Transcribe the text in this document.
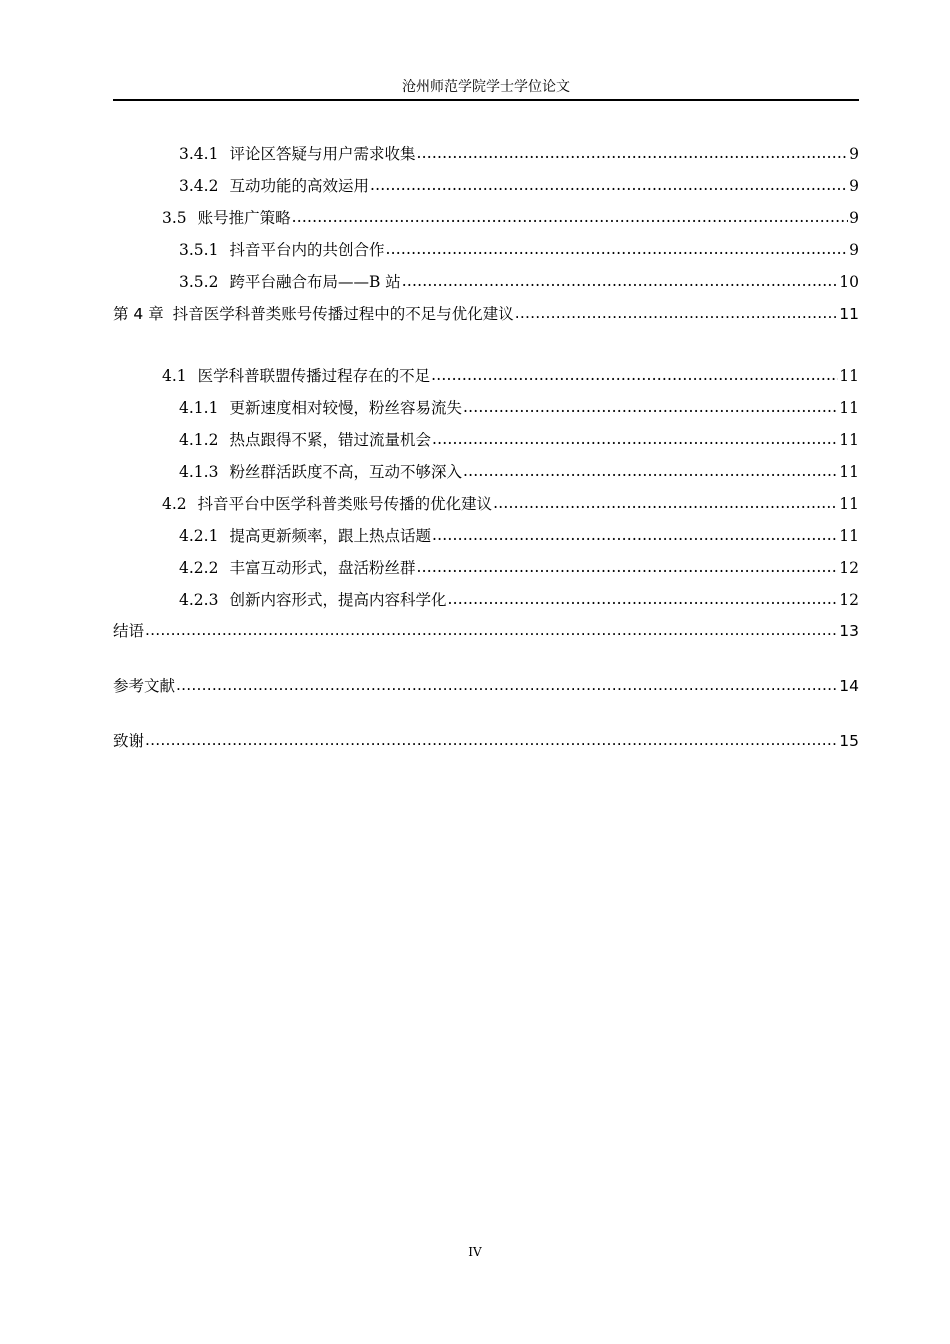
沧州师范学院学士学位论文
3.4.1 评论区答疑与用户需求收集 .....	9
3.4.2 互动功能的高效运用 .....	9
3.5 账号推广策略 .....	9
3.5.1 抖音平台内的共创合作 .....	9
3.5.2 跨平台融合布局——B 站 .....	10
第 4 章 抖音医学科普类账号传播过程中的不足与优化建议 .....	11
4.1 医学科普联盟传播过程存在的不足 .....	11
4.1.1 更新速度相对较慢，粉丝容易流失 .....	11
4.1.2 热点跟得不紧，错过流量机会 .....	11
4.1.3 粉丝群活跃度不高，互动不够深入 .....	11
4.2 抖音平台中医学科普类账号传播的优化建议 .....	11
4.2.1 提高更新频率，跟上热点话题 .....	11
4.2.2 丰富互动形式，盘活粉丝群 .....	12
4.2.3 创新内容形式，提高内容科学化 .....	12
结语 .....	13
参考文献 .....	14
致谢 .....	15
IV
